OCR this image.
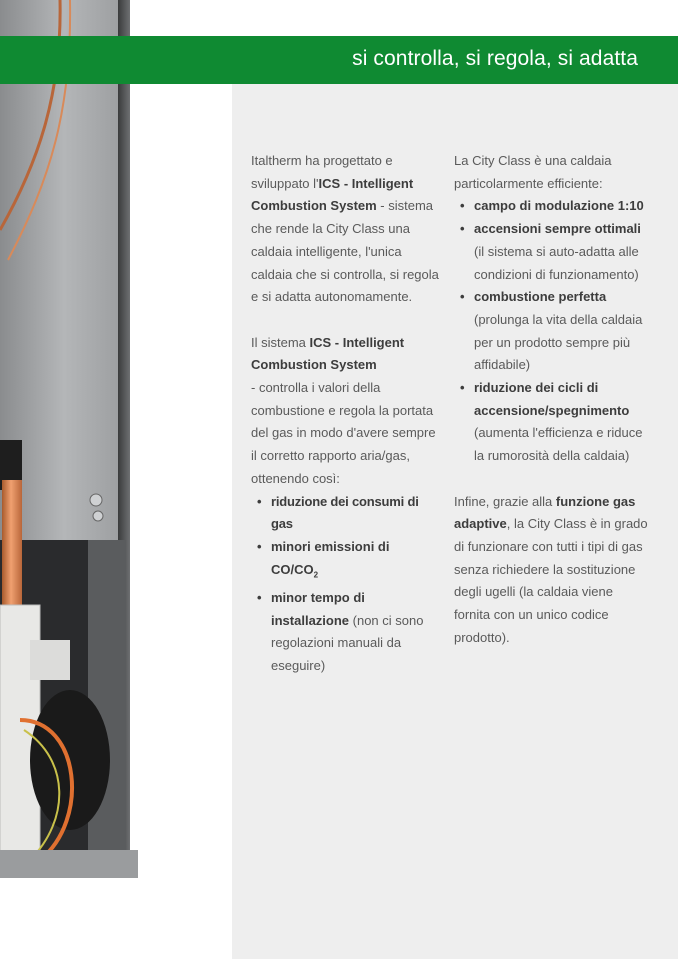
si controlla, si regola, si adatta

Italtherm ha progettato e sviluppato l'ICS - Intelligent Combustion System - sistema che rende la City Class una caldaia intelligente, l'unica caldaia che si controlla, si regola e si adatta autonomamente.

Il sistema ICS - Intelligent Combustion System
- controlla i valori della combustione e regola la portata del gas in modo d'avere sempre il corretto rapporto aria/gas, ottenendo così:

• riduzione dei consumi di gas
• minori emissioni di $CO/CO_2$
• minor tempo di installazione (non ci sono regolazioni manuali da eseguire)

La City Class è una caldaia particolarmente efficiente:

• campo di modulazione 1:10
• accensioni sempre ottimali (il sistema si auto-adatta alle condizioni di funzionamento)
• combustione perfetta (prolunga la vita della caldaia per un prodotto sempre più affidabile)
• riduzione dei cicli di accensione/spegnimento (aumenta l'efficienza e riduce la rumorosità della caldaia)

Infine, grazie alla funzione gas adaptive, la City Class è in grado di funzionare con tutti i tipi di gas senza richiedere la sostituzione degli ugelli (la caldaia viene fornita con un unico codice prodotto).
